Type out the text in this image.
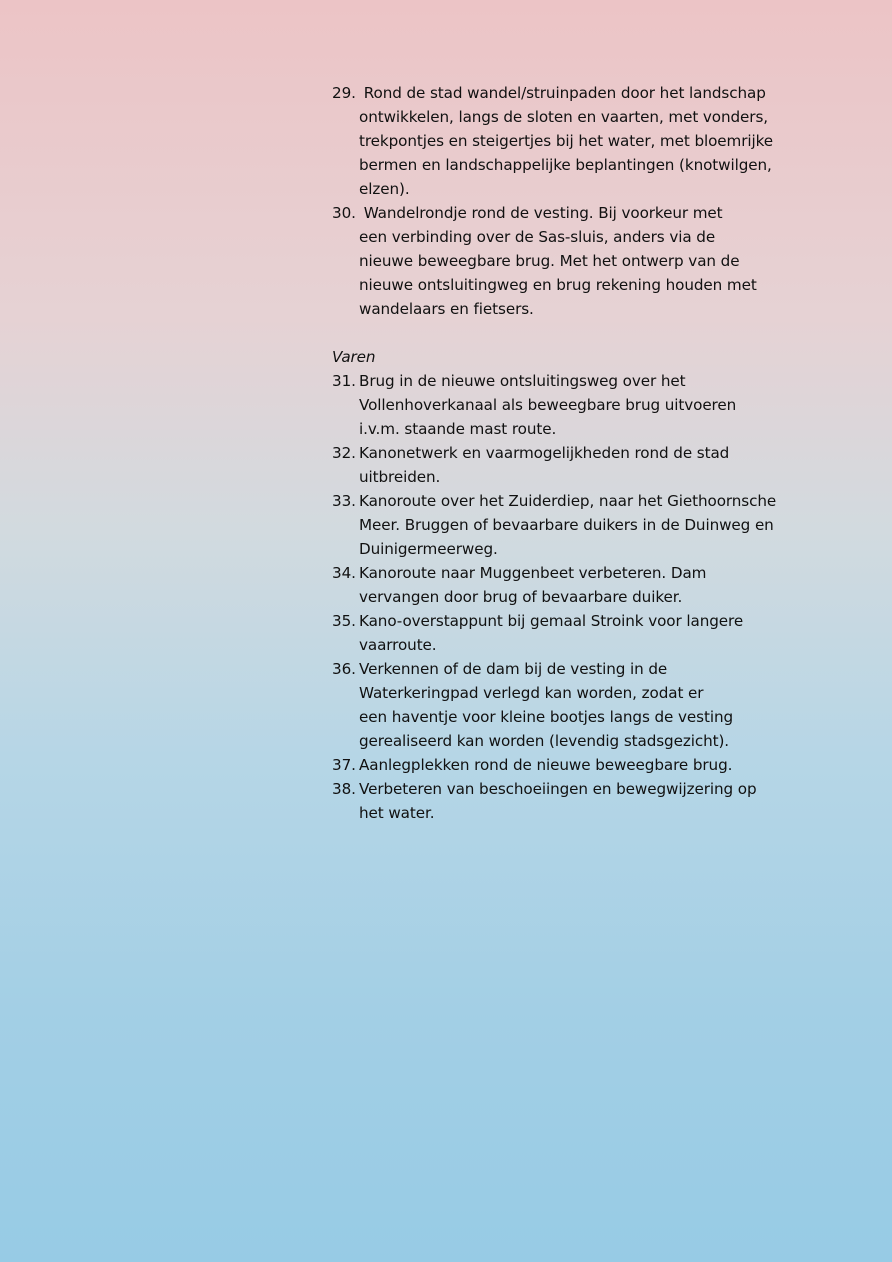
29. Rond de stad wandel/struinpaden door het landschap
ontwikkelen, langs de sloten en vaarten, met vonders,
trekpontjes en steigertjes bij het water, met bloemrijke
bermen en landschappelijke beplantingen (knotwilgen,
elzen).
30. Wandelrondje rond de vesting. Bij voorkeur met
een verbinding over de Sas-sluis, anders via de
nieuwe beweegbare brug. Met het ontwerp van de
nieuwe ontsluitingweg en brug rekening houden met
wandelaars en fietsers.
Varen
31. Brug in de nieuwe ontsluitingsweg over het
Vollenhoverkanaal als beweegbare brug uitvoeren
i.v.m. staande mast route.
32. Kanonetwerk en vaarmogelijkheden rond de stad
uitbreiden.
33. Kanoroute over het Zuiderdiep, naar het Giethoornsche
Meer. Bruggen of bevaarbare duikers in de Duinweg en
Duinigermeerweg.
34. Kanoroute naar Muggenbeet verbeteren. Dam
vervangen door brug of bevaarbare duiker.
35. Kano-overstappunt bij gemaal Stroink voor langere
vaarroute.
36. Verkennen of de dam bij de vesting in de
Waterkeringpad verlegd kan worden, zodat er
een haventje voor kleine bootjes langs de vesting
gerealiseerd kan worden (levendig stadsgezicht).
37. Aanlegplekken rond de nieuwe beweegbare brug.
38. Verbeteren van beschoeiingen en bewegwijzering op
het water.
